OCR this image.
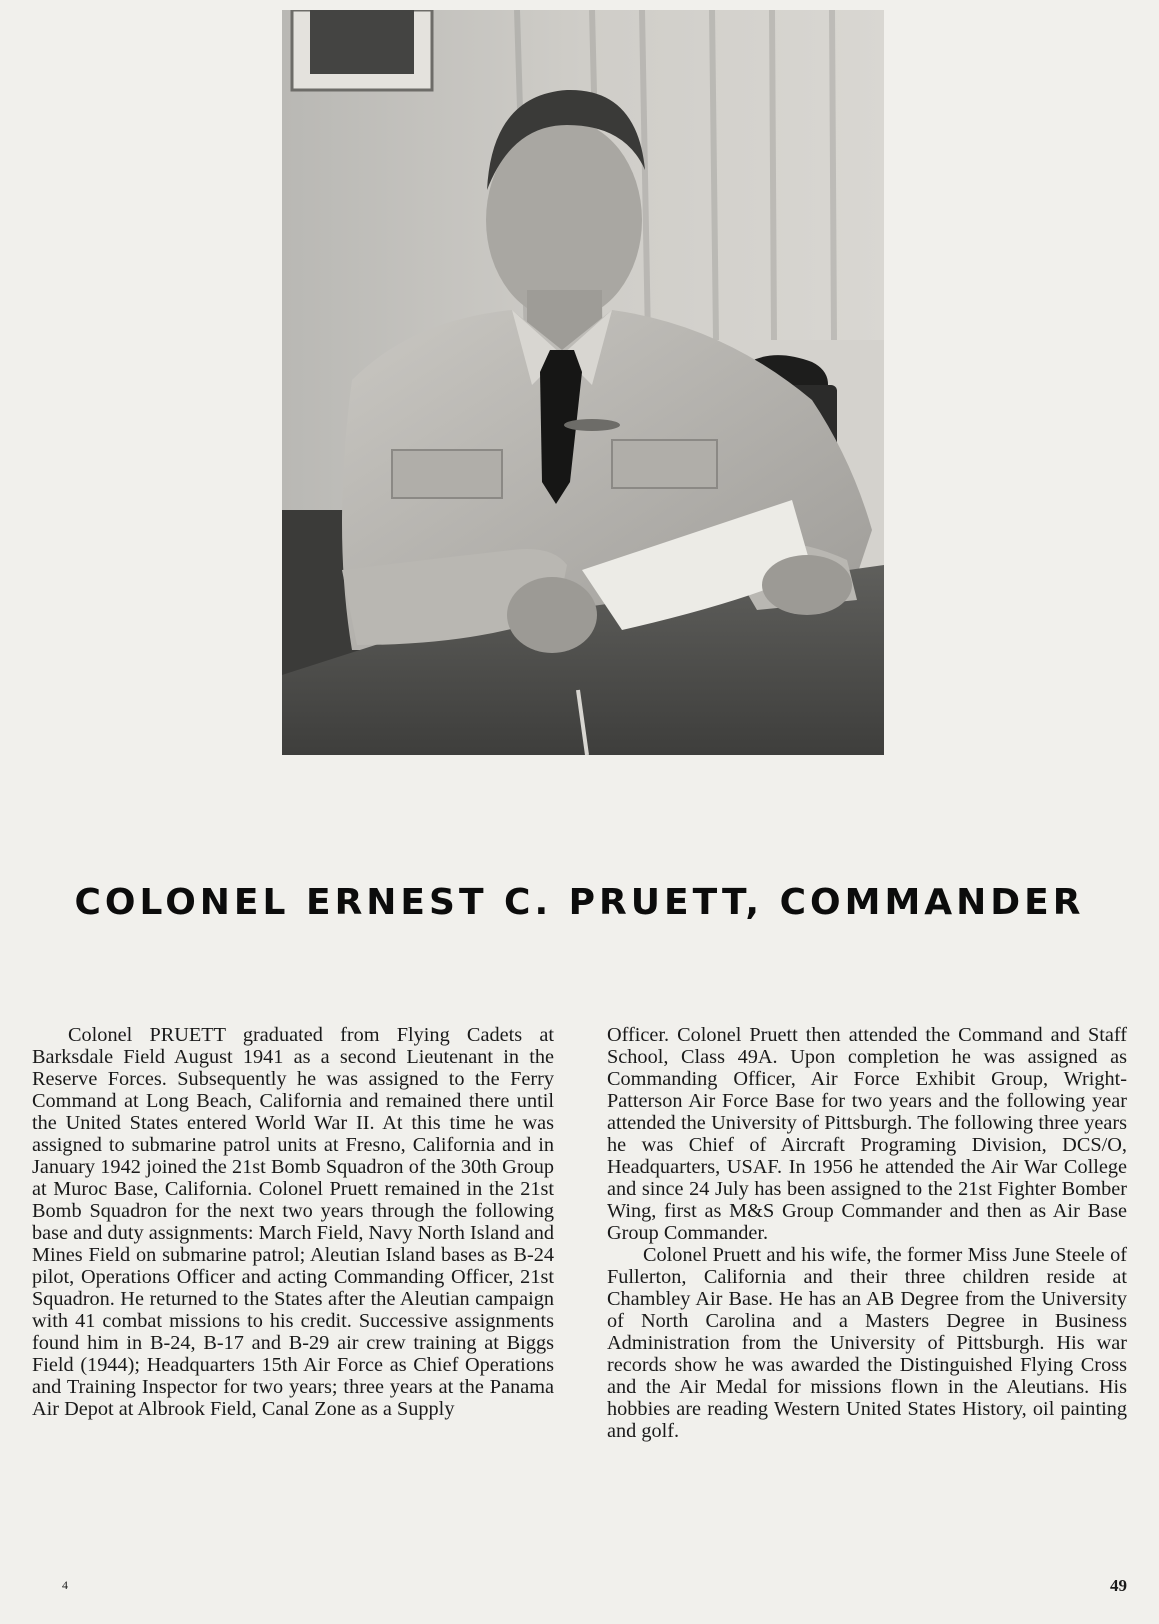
COLONEL ERNEST C. PRUETT, COMMANDER

Colonel PRUETT graduated from Flying Cadets at Barksdale Field August 1941 as a second Lieutenant in the Reserve Forces. Subsequently he was assigned to the Ferry Command at Long Beach, California and remained there until the United States entered World War II. At this time he was assigned to submarine patrol units at Fresno, California and in January 1942 joined the 21st Bomb Squadron of the 30th Group at Muroc Base, California. Colonel Pruett remained in the 21st Bomb Squadron for the next two years through the following base and duty assignments: March Field, Navy North Island and Mines Field on submarine patrol; Aleutian Island bases as B-24 pilot, Operations Officer and acting Commanding Officer, 21st Squadron. He returned to the States after the Aleutian campaign with 41 combat missions to his credit. Successive assignments found him in B-24, B-17 and B-29 air crew training at Biggs Field (1944); Headquarters 15th Air Force as Chief Operations and Training Inspector for two years; three years at the Panama Air Depot at Albrook Field, Canal Zone as a Supply

Officer. Colonel Pruett then attended the Command and Staff School, Class 49A. Upon completion he was assigned as Commanding Officer, Air Force Exhibit Group, Wright-Patterson Air Force Base for two years and the following year attended the University of Pittsburgh. The following three years he was Chief of Aircraft Programing Division, DCS/O, Headquarters, USAF. In 1956 he attended the Air War College and since 24 July has been assigned to the 21st Fighter Bomber Wing, first as M&S Group Commander and then as Air Base Group Commander.

Colonel Pruett and his wife, the former Miss June Steele of Fullerton, California and their three children reside at Chambley Air Base. He has an AB Degree from the University of North Carolina and a Masters Degree in Business Administration from the University of Pittsburgh. His war records show he was awarded the Distinguished Flying Cross and the Air Medal for missions flown in the Aleutians. His hobbies are reading Western United States History, oil painting and golf.

4	49
